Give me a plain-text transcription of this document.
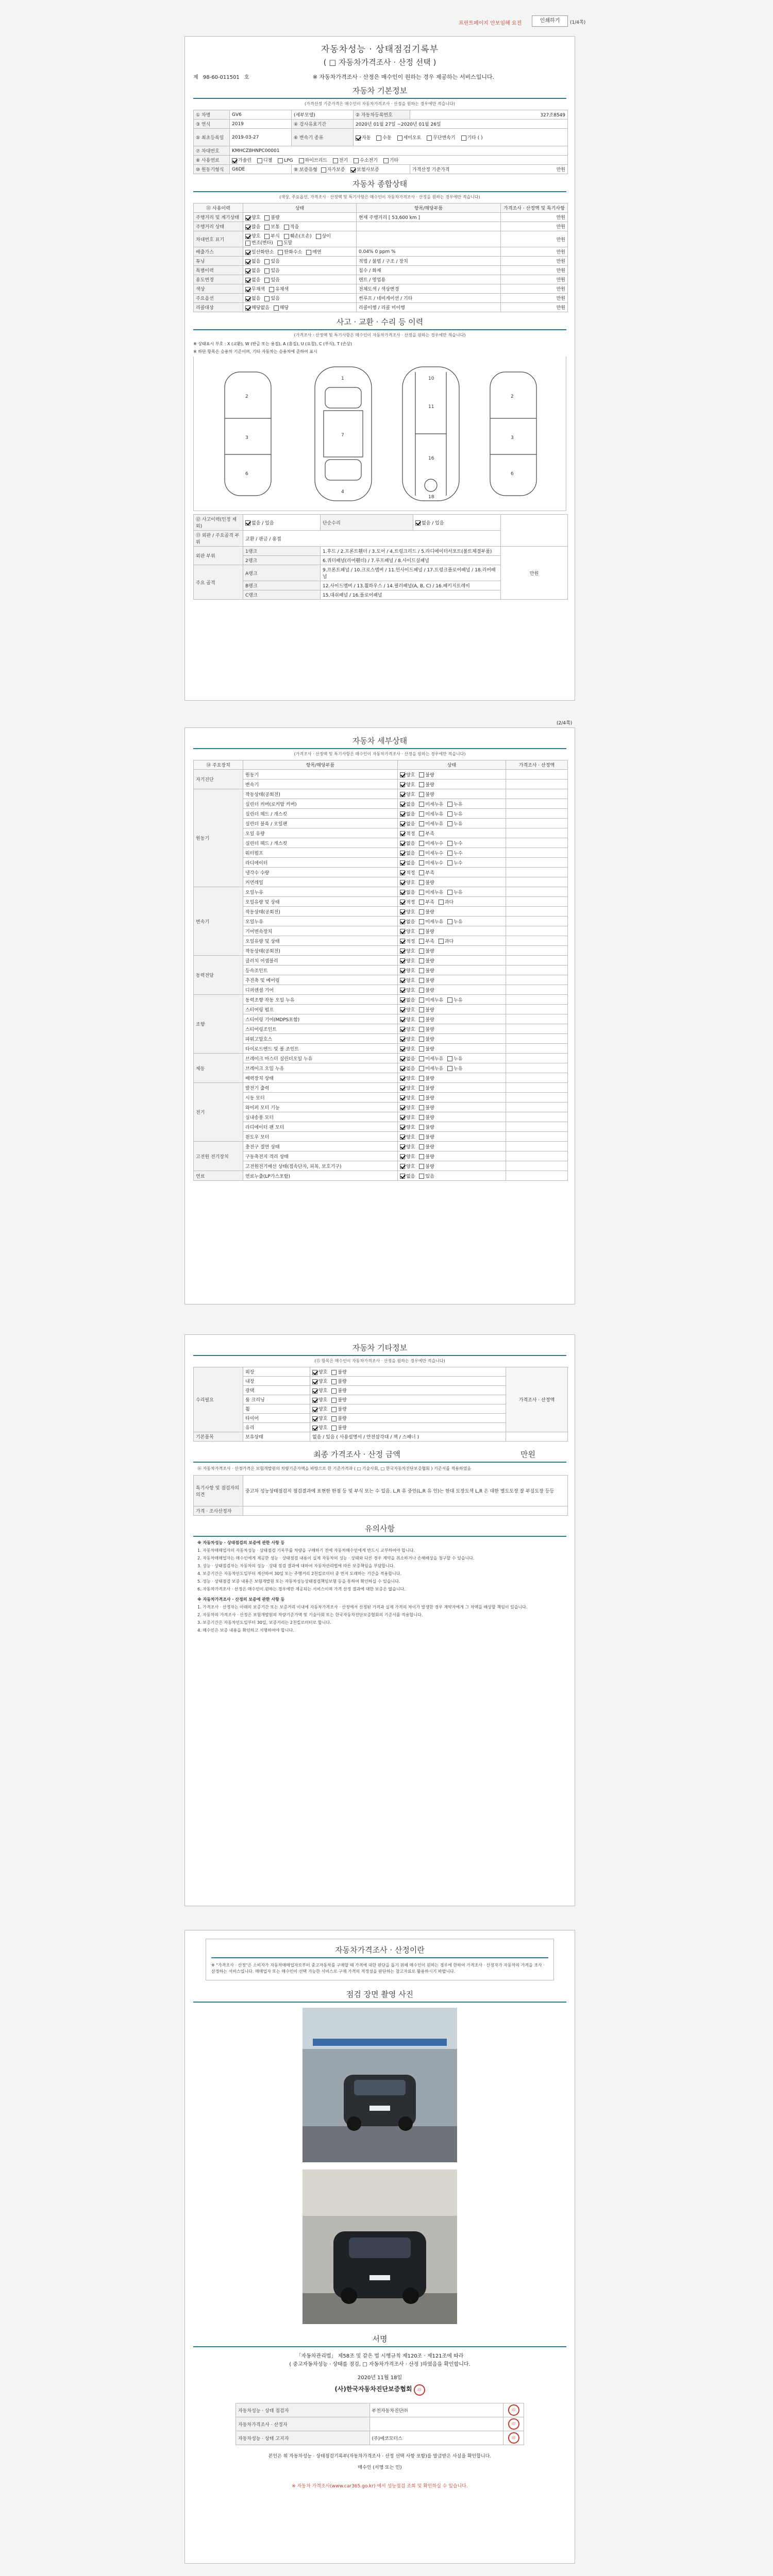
프린트페이지 안보임해 요전	인쇄하기	(1/4쪽)
자동차성능 · 상태점검기록부
( □ 자동차가격조사 · 산정 선택 )
제 98-60-011501 호	※ 자동차가격조사 · 산정은 매수인이 원하는 경우 제공하는 서비스입니다.
자동차 기본정보
(가격산정 기준가격은 매수인이 자동차가격조사 · 산정을 원하는 경우에만 적습니다)
① 차명	GV6	(세부모델)	② 자동차등록번호	327조8549
③ 연식	2019	④ 검사유효기간	2020년 01월 27일 ~2020년 01월 26일	
⑤ 최초등록일	2019-03-27	⑥ 변속기 종류	자동 수동 세미오토 무단변속기 기타 ( )	
⑦ 차대번호	KMHCZ8HNPC00001			
⑧ 사용연료	가솔린 디젤 LPG 하이브리드 전기 수소전기 기타			
⑩ 원동기형식	G6DE	⑨ 보증유형 자가보증 보험사보증		가격산정 기준가격 만원
자동차 종합상태
(색상, 주요옵션, 가격조사 · 산정액 및 특기사항은 매수인이 자동차가격조사 · 산정을 원하는 경우에만 적습니다)
⑪ 사용이력	상태	항목/해당부품	가격조사 · 산정액 및 특기사항
주행거리 및 계기상태	양호 불량	현재 주행거리 [ 53,600 km ]	만원
주행거리 상태	많음 보통 적음		만원
차대번호 표기	양호 부식 훼손(오손) 상이변조(변타) 도말		만원
배출가스	일산화탄소 탄화수소 매연	0.04% 0 ppm %	만원
튜닝	없음 있음	적법 / 불법 / 구조 / 장치	만원
특별이력	없음 있음	침수 / 화재	만원
용도변경	없음 있음	렌트 / 영업용	만원
색상	무채색 유채색	전체도색 / 색상변경	만원
주요옵션	없음 있음	썬루프 / 네비게이션 / 기타	만원
리콜대상	해당없음 해당	리콜이행 / 리콜 미이행	만원
사고 · 교환 · 수리 등 이력
(가격조사 · 산정액 및 특기사항은 매수인이 자동차가격조사 · 산정을 원하는 경우에만 적습니다)
※ 상태표시 부호 : X (교환), W (판금 또는 용접), A (흠집), U (요철), C (부식), T (손상)
※ 하단 항목은 승용차 기준이며, 기타 자동차는 승용차에 준하여 표시
2
3
6
1
7
4
10
11
16
18
2
3
6
⑫ 사고이력(인정 제외)	없음 / 있음	단순수리	없음 / 있음	
⑬ 외판 / 주요골격 부위	교환 / 판금 / 용접			
외판 부위	1랭크	1.후드 / 2.프론트휀더 / 3.도어 / 4.트렁크리드 / 5.라디에이터서포트(볼트체결부품)		만원
	2랭크	6.쿼터패널(리어휀더) / 7.루프패널 / 8.사이드실패널		
주요 골격	A랭크	9.프론트패널 / 10.크로스멤버 / 11.인사이드패널 / 17.트렁크플로어패널 / 18.리어패널		
	B랭크	12.사이드멤버 / 13.휠하우스 / 14.필러패널(A, B, C) / 16.패키지트레이		
	C랭크	15.대쉬패널 / 16.플로어패널		
(2/4쪽)
자동차 세부상태
(가격조사 · 산정액 및 특기사항은 매수인이 자동차가격조사 · 산정을 원하는 경우에만 적습니다)
⑭ 주요장치	항목/해당부품	상태	가격조사 · 산정액
자기진단	원동기	양호 불량	
	변속기	양호 불량	
원동기	작동상태(공회전)	양호 불량	
	실린더 커버(로커암 커버)	없음 미세누유 누유	
	실린더 헤드 / 개스킷	없음 미세누유 누유	
	실린더 블록 / 오일팬	없음 미세누유 누유	
	오일 유량	적정 부족	
	실린더 헤드 / 개스킷	없음 미세누수 누수	
	워터펌프	없음 미세누수 누수	
	라디에이터	없음 미세누수 누수	
	냉각수 수량	적정 부족	
	커먼레일	양호 불량	
변속기	오일누유	없음 미세누유 누유	
	오일유량 및 상태	적정 부족 과다	
	작동상태(공회전)	양호 불량	
	오일누유	없음 미세누유 누유	
	기어변속장치	양호 불량	
	오일유량 및 상태	적정 부족 과다	
	작동상태(공회전)	양호 불량	
동력전달	클러치 어셈블리	양호 불량	
	등속조인트	양호 불량	
	추진축 및 베어링	양호 불량	
	디퍼렌셜 기어	양호 불량	
조향	동력조향 작동 오일 누유	없음 미세누유 누유	
	스티어링 펌프	양호 불량	
	스티어링 기어(MDPS포함)	양호 불량	
	스티어링조인트	양호 불량	
	파워고압호스	양호 불량	
	타이로드엔드 및 볼 조인트	양호 불량	
제동	브레이크 마스터 실린더오일 누유	없음 미세누유 누유	
	브레이크 오일 누유	없음 미세누유 누유	
	배력장치 상태	양호 불량	
전기	발전기 출력	양호 불량	
	시동 모터	양호 불량	
	와이퍼 모터 기능	양호 불량	
	실내송풍 모터	양호 불량	
	라디에이터 팬 모터	양호 불량	
	윈도우 모터	양호 불량	
고전원 전기장치	충전구 절연 상태	양호 불량	
	구동축전지 격리 상태	양호 불량	
	고전원전기배선 상태(접속단자, 피복, 보호기구)	양호 불량	
연료	연료누출(LP가스포함)	없음 있음	
자동차 기타정보
(⑮ 항목은 매수인이 자동차가격조사 · 산정을 원하는 경우에만 적습니다)
수리필요	외장	양호 불량	가격조사 · 산정액
	내장	양호 불량	
	광택	양호 불량	
	룸 크리닝	양호 불량	
	휠	양호 불량	
	타이어	양호 불량	
	유리	양호 불량	
기본품목	보유상태	없음 / 있음 ( 사용설명서 / 안전삼각대 / 잭 / 스패너 )	
최종 가격조사 · 산정 금액	만원
⑯ 자동차가격조사 · 산정가격은 보험개발원의 차량기준가액을 바탕으로 한 기준가격과 ( □ 기술사회, □ 한국자동차진단보증협회 ) 기준서를 적용하였음
특기사항 및 점검자의 의견	중고차 성능상태점검지 점검결과에 표현한 한점 등 및 부식 또는 수 있음. L,R 유 중인(L,R 유 인)는 한대 도장도색 L,R 은 대한 별도도장 잘 부실도장 등등
가격 · 조사산정자	
유의사항

※ 자동차성능 · 상태점검의 보증에 관한 사항 등

1. 자동차매매업자의 자동차성능 · 상태점검 기록부를 차량을 구매하기 전에 자동차매수인에게 반드시 교부하여야 합니다.

2. 자동차매매업자는 매수인에게 제공한 성능 · 상태점검 내용이 실제 자동차의 성능 · 상태와 다른 경우 계약을 취소하거나 손해배상을 청구할 수 있습니다.

3. 성능 · 상태점검자는 자동차의 성능 · 상태 점검 결과에 대하여 자동차관리법에 따른 보증책임을 부담합니다.

4. 보증기간은 자동차인도일부터 계산하여 30일 또는 주행거리 2천킬로미터 중 먼저 도래하는 기간을 적용합니다.

5. 성능 · 상태점검 보증 내용은 보험개발원 또는 자동차성능상태점검책임보험 등을 통하여 확인하실 수 있습니다.

6. 자동차가격조사 · 산정은 매수인이 원하는 경우에만 제공되는 서비스이며 가격 산정 결과에 대한 보증은 없습니다.

※ 자동차가격조사 · 산정의 보증에 관한 사항 등

1. 가격조사 · 산정자는 아래의 보증기간 또는 보증거리 이내에 자동차가격조사 · 산정에서 산정된 가격과 실제 가격의 차이가 발생한 경우 계약자에게 그 차액을 배상할 책임이 있습니다.

2. 자동차의 가격조사 · 산정은 보험개발원의 차량기준가액 및 기술사회 또는 한국자동차진단보증협회의 기준서를 적용합니다.

3. 보증기간은 자동차인도일부터 30일, 보증거리는 2천킬로미터로 합니다.

4. 매수인은 보증 내용을 확인하고 서명하여야 합니다.

자동차가격조사 · 산정이란
※ "가격조사 · 산정"은 소비자가 자동차매매업자로부터 중고자동차를 구매할 때 가격에 대한 판단을 돕기 위해 매수인이 원하는 경우에 한하여 가격조사 · 산정자가 자동차의 가격을 조사 · 산정하는 서비스입니다. 매매업자 또는 매수인이 선택 가능한 서비스로 구매 가격의 적정성을 판단하는 참고자료로 활용하시기 바랍니다.
점검 장면 촬영 사진
서명
「자동차관리법」 제58조 및 같은 법 시행규칙 제120조 · 제121조에 따라
( 중고자동차성능 · 상태를 점검, □ 자동차가격조사 · 산정 )하였음을 확인합니다.
2020년 11월 18일
(사)한국자동차진단보증협회 印
자동차성능 · 상태 점검자	부천자동차진단㈜	印
자동차가격조사 · 산정자		印
자동차성능 · 상태 고지자	(주)에코모터스	印
본인은 위 자동차성능 · 상태점검기록부(자동차가격조사 · 산정 선택 사항 포함)를 발급받은 사실을 확인합니다.
매수인 (서명 또는 인)
※ 자동차 가격조사(www.car365.go.kr) 에서 성능점검 조회 및 확인하실 수 있습니다.
